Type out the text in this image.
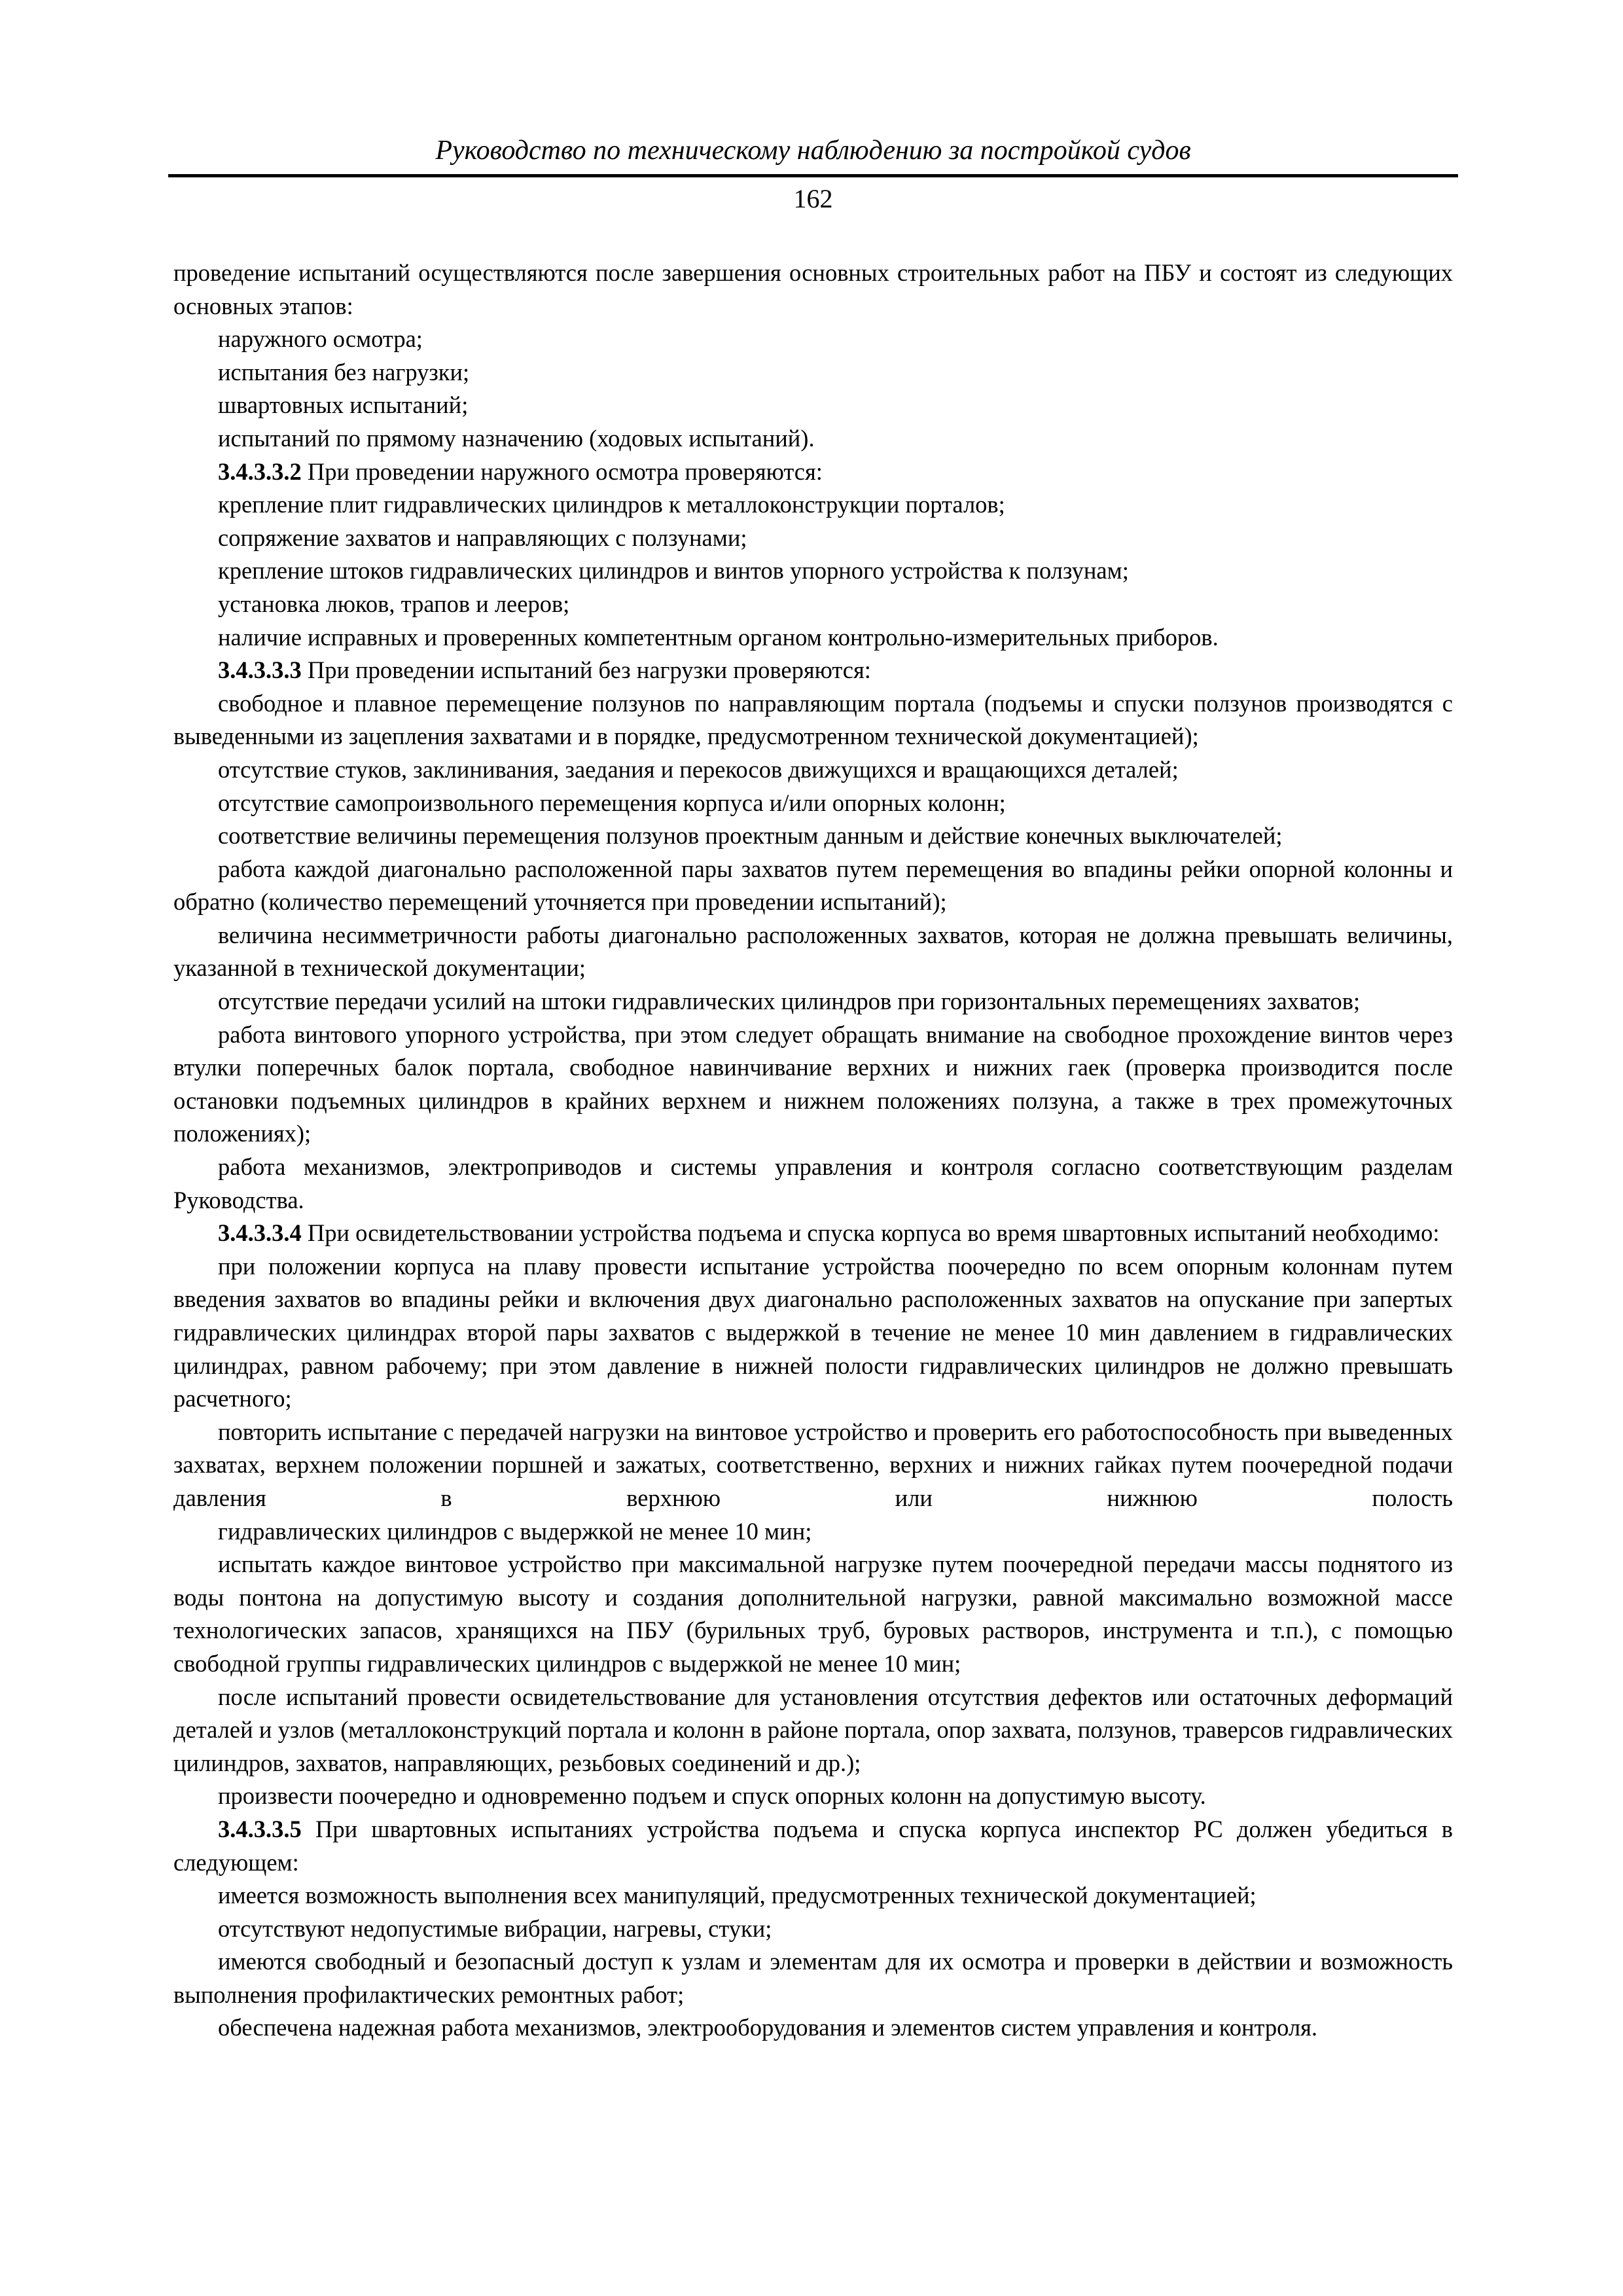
Руководство по техническому наблюдению за постройкой судов
162

проведение испытаний осуществляются после завершения основных строительных работ на ПБУ и состоят из следующих основных этапов:

наружного осмотра;

испытания без нагрузки;

швартовных испытаний;

испытаний по прямому назначению (ходовых испытаний).

3.4.3.3.2 При проведении наружного осмотра проверяются:

крепление плит гидравлических цилиндров к металлоконструкции порталов;

сопряжение захватов и направляющих с ползунами;

крепление штоков гидравлических цилиндров и винтов упорного устройства к ползунам;

установка люков, трапов и лееров;

наличие исправных и проверенных компетентным органом контрольно-измерительных приборов.

3.4.3.3.3 При проведении испытаний без нагрузки проверяются:

свободное и плавное перемещение ползунов по направляющим портала (подъемы и спуски ползунов производятся с выведенными из зацепления захватами и в порядке, предусмотренном технической документацией);

отсутствие стуков, заклинивания, заедания и перекосов движущихся и вращающихся деталей;

отсутствие самопроизвольного перемещения корпуса и/или опорных колонн;

соответствие величины перемещения ползунов проектным данным и действие конечных выключателей;

работа каждой диагонально расположенной пары захватов путем перемещения во впадины рейки опорной колонны и обратно (количество перемещений уточняется при проведении испытаний);

величина несимметричности работы диагонально расположенных захватов, которая не должна превышать величины, указанной в технической документации;

отсутствие передачи усилий на штоки гидравлических цилиндров при горизонтальных перемещениях захватов;

работа винтового упорного устройства, при этом следует обращать внимание на свободное прохождение винтов через втулки поперечных балок портала, свободное навинчивание верхних и нижних гаек (проверка производится после остановки подъемных цилиндров в крайних верхнем и нижнем положениях ползуна, а также в трех промежуточных положениях);

работа механизмов, электроприводов и системы управления и контроля согласно соответствующим разделам Руководства.

3.4.3.3.4 При освидетельствовании устройства подъема и спуска корпуса во время швартовных испытаний необходимо:

при положении корпуса на плаву провести испытание устройства поочередно по всем опорным колоннам путем введения захватов во впадины рейки и включения двух диагонально расположенных захватов на опускание при запертых гидравлических цилиндрах второй пары захватов с выдержкой в течение не менее 10 мин давлением в гидравлических цилиндрах, равном рабочему; при этом давление в нижней полости гидравлических цилиндров не должно превышать расчетного;

повторить испытание с передачей нагрузки на винтовое устройство и проверить его работоспособность при выведенных захватах, верхнем положении поршней и зажатых, соответственно, верхних и нижних гайках путем поочередной подачи давления в верхнюю или нижнюю полость

гидравлических цилиндров с выдержкой не менее 10 мин;

испытать каждое винтовое устройство при максимальной нагрузке путем поочередной передачи массы поднятого из воды понтона на допустимую высоту и создания дополнительной нагрузки, равной максимально возможной массе технологических запасов, хранящихся на ПБУ (бурильных труб, буровых растворов, инструмента и т.п.), с помощью свободной группы гидравлических цилиндров с выдержкой не менее 10 мин;

после испытаний провести освидетельствование для установления отсутствия дефектов или остаточных деформаций деталей и узлов (металлоконструкций портала и колонн в районе портала, опор захвата, ползунов, траверсов гидравлических цилиндров, захватов, направляющих, резьбовых соединений и др.);

произвести поочередно и одновременно подъем и спуск опорных колонн на допустимую высоту.

3.4.3.3.5 При швартовных испытаниях устройства подъема и спуска корпуса инспектор РС должен убедиться в следующем:

имеется возможность выполнения всех манипуляций, предусмотренных технической документацией;

отсутствуют недопустимые вибрации, нагревы, стуки;

имеются свободный и безопасный доступ к узлам и элементам для их осмотра и проверки в действии и возможность выполнения профилактических ремонтных работ;

обеспечена надежная работа механизмов, электрооборудования и элементов систем управления и контроля.
